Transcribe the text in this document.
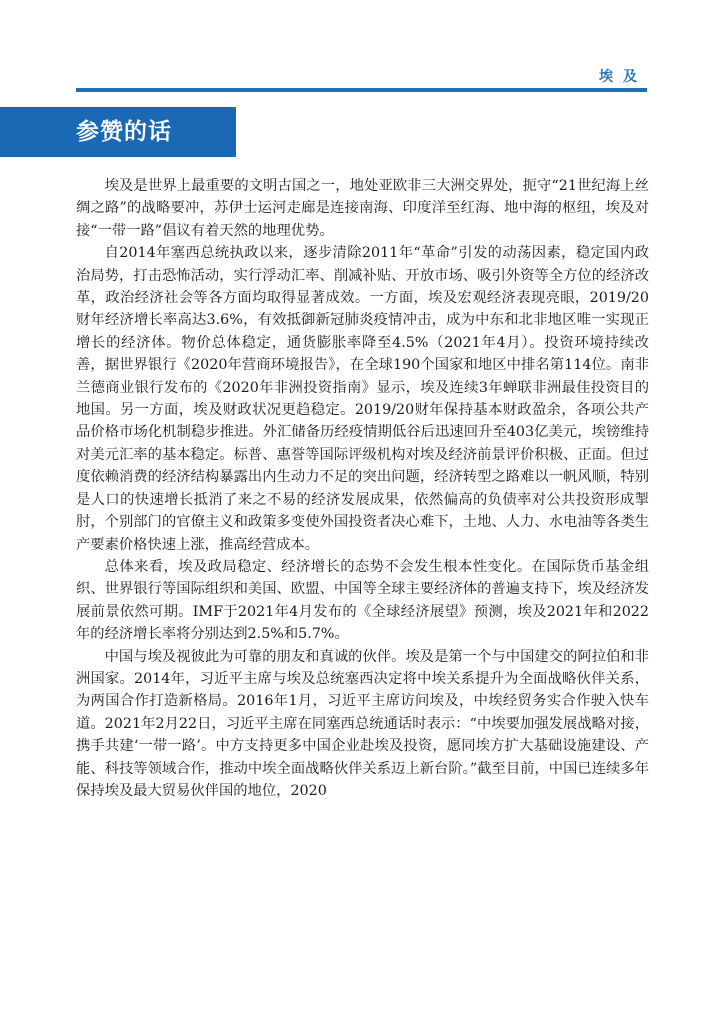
埃及
参赞的话

埃及是世界上最重要的文明古国之一，地处亚欧非三大洲交界处，扼守“21世纪海上丝绸之路”的战略要冲，苏伊士运河走廊是连接南海、印度洋至红海、地中海的枢纽，埃及对接“一带一路”倡议有着天然的地理优势。

自2014年塞西总统执政以来，逐步清除2011年“革命”引发的动荡因素，稳定国内政治局势，打击恐怖活动，实行浮动汇率、削减补贴、开放市场、吸引外资等全方位的经济改革，政治经济社会等各方面均取得显著成效。一方面，埃及宏观经济表现亮眼，2019/20财年经济增长率高达3.6%，有效抵御新冠肺炎疫情冲击，成为中东和北非地区唯一实现正增长的经济体。物价总体稳定，通货膨胀率降至4.5%（2021年4月）。投资环境持续改善，据世界银行《2020年营商环境报告》，在全球190个国家和地区中排名第114位。南非兰德商业银行发布的《2020年非洲投资指南》显示，埃及连续3年蝉联非洲最佳投资目的地国。另一方面，埃及财政状况更趋稳定。2019/20财年保持基本财政盈余，各项公共产品价格市场化机制稳步推进。外汇储备历经疫情期低谷后迅速回升至403亿美元，埃镑维持对美元汇率的基本稳定。标普、惠誉等国际评级机构对埃及经济前景评价积极、正面。但过度依赖消费的经济结构暴露出内生动力不足的突出问题，经济转型之路难以一帆风顺，特别是人口的快速增长抵消了来之不易的经济发展成果，依然偏高的负债率对公共投资形成掣肘，个别部门的官僚主义和政策多变使外国投资者决心难下，土地、人力、水电油等各类生产要素价格快速上涨，推高经营成本。

总体来看，埃及政局稳定、经济增长的态势不会发生根本性变化。在国际货币基金组织、世界银行等国际组织和美国、欧盟、中国等全球主要经济体的普遍支持下，埃及经济发展前景依然可期。IMF于2021年4月发布的《全球经济展望》预测，埃及2021年和2022年的经济增长率将分别达到2.5%和5.7%。

中国与埃及视彼此为可靠的朋友和真诚的伙伴。埃及是第一个与中国建交的阿拉伯和非洲国家。2014年，习近平主席与埃及总统塞西决定将中埃关系提升为全面战略伙伴关系，为两国合作打造新格局。2016年1月，习近平主席访问埃及，中埃经贸务实合作驶入快车道。2021年2月22日，习近平主席在同塞西总统通话时表示：“中埃要加强发展战略对接，携手共建‘一带一路’。中方支持更多中国企业赴埃及投资，愿同埃方扩大基础设施建设、产能、科技等领域合作，推动中埃全面战略伙伴关系迈上新台阶。”截至目前，中国已连续多年保持埃及最大贸易伙伴国的地位，2020
